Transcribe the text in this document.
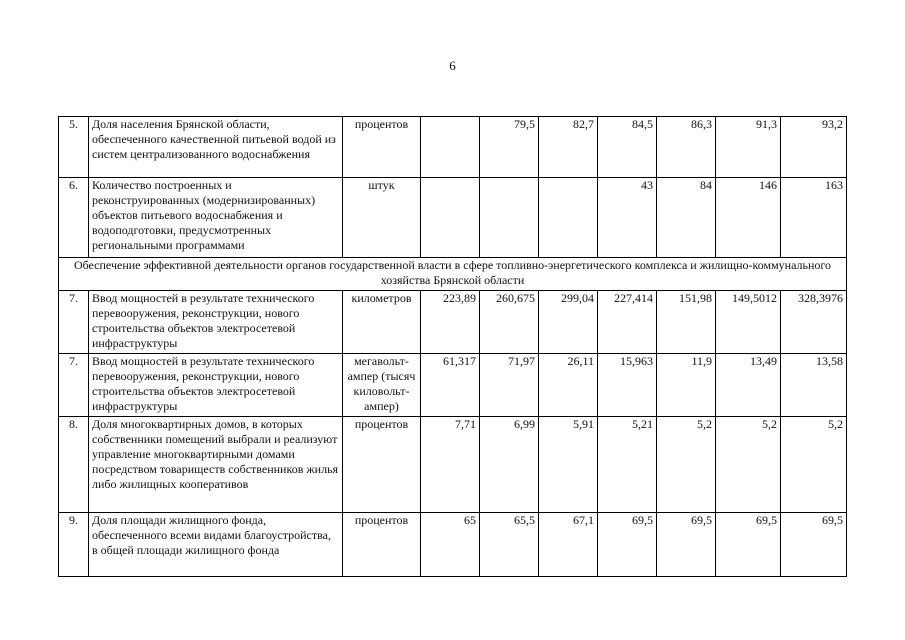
6
5.	Доля населения Брянской области, обеспеченного качественной питьевой водой из систем централизованного водоснабжения	процентов		79,5	82,7	84,5	86,3	91,3	93,2
6.	Количество построенных и реконструированных (модернизированных) объектов питьевого водоснабжения и водоподготовки, предусмотренных региональными программами	штук				43	84	146	163
Обеспечение эффективной деятельности органов государственной власти в сфере топливно-энергетического комплекса и жилищно-коммунального хозяйства Брянской области									
7.	Ввод мощностей в результате технического перевооружения, реконструкции, нового строительства объектов электросетевой инфраструктуры	километров	223,89	260,675	299,04	227,414	151,98	149,5012	328,3976
7.	Ввод мощностей в результате технического перевооружения, реконструкции, нового строительства объектов электросетевой инфраструктуры	мегавольт-ампер (тысяч киловольт-ампер)	61,317	71,97	26,11	15,963	11,9	13,49	13,58
8.	Доля многоквартирных домов, в которых собственники помещений выбрали и реализуют управление многоквартирными домами посредством товариществ собственников жилья либо жилищных кооперативов	процентов	7,71	6,99	5,91	5,21	5,2	5,2	5,2
9.	Доля площади жилищного фонда, обеспеченного всеми видами благоустройства, в общей площади жилищного фонда	процентов	65	65,5	67,1	69,5	69,5	69,5	69,5
